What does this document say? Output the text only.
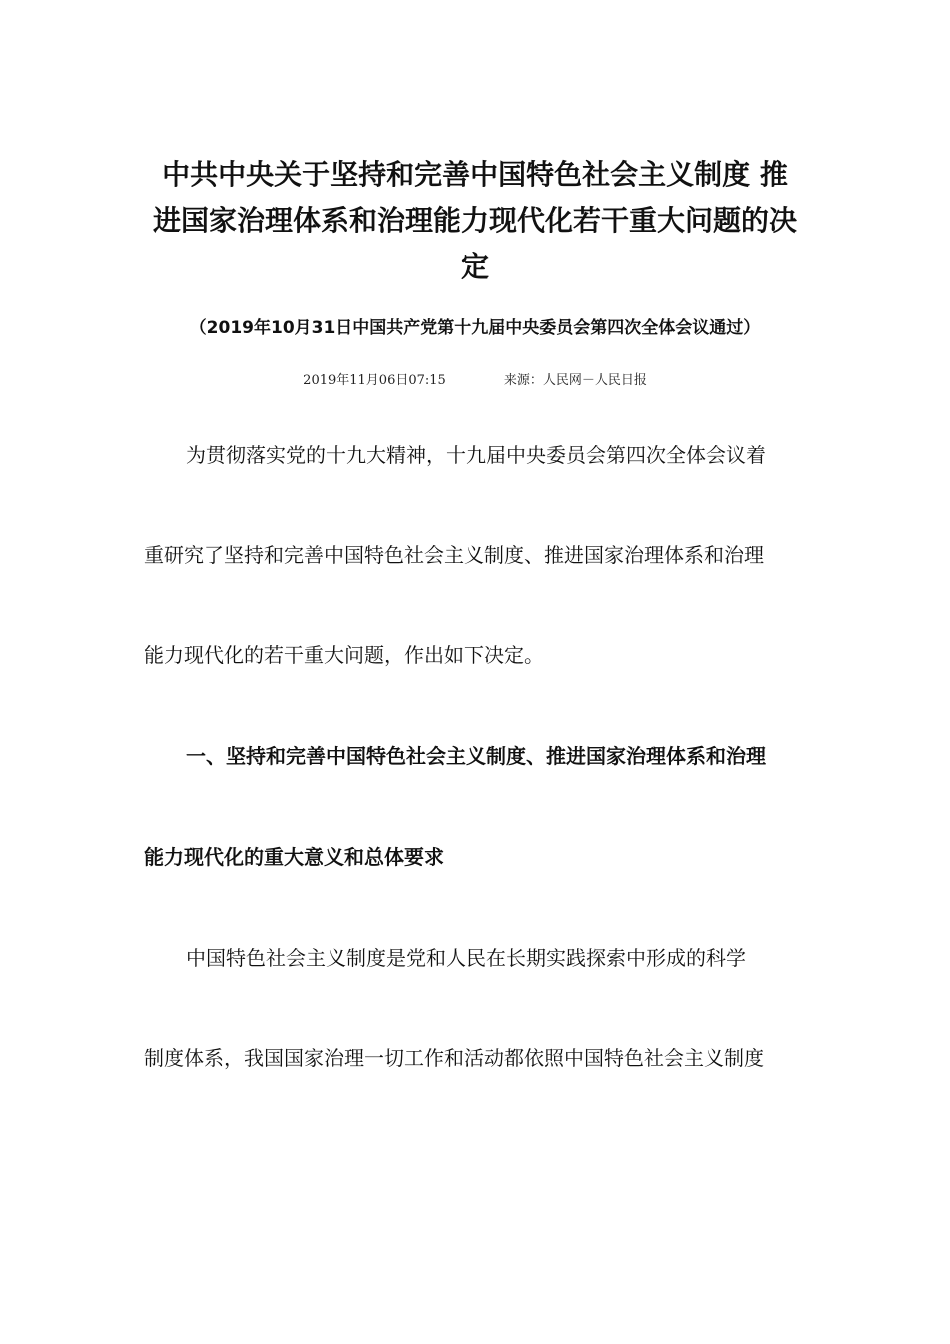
中共中央关于坚持和完善中国特色社会主义制度 推
进国家治理体系和治理能力现代化若干重大问题的决
定
（2019年10月31日中国共产党第十九届中央委员会第四次全体会议通过）
2019年11月06日07:15	来源：人民网－人民日报
为贯彻落实党的十九大精神，十九届中央委员会第四次全体会议着
重研究了坚持和完善中国特色社会主义制度、推进国家治理体系和治理
能力现代化的若干重大问题，作出如下决定。
一、坚持和完善中国特色社会主义制度、推进国家治理体系和治理
能力现代化的重大意义和总体要求
中国特色社会主义制度是党和人民在长期实践探索中形成的科学
制度体系，我国国家治理一切工作和活动都依照中国特色社会主义制度
